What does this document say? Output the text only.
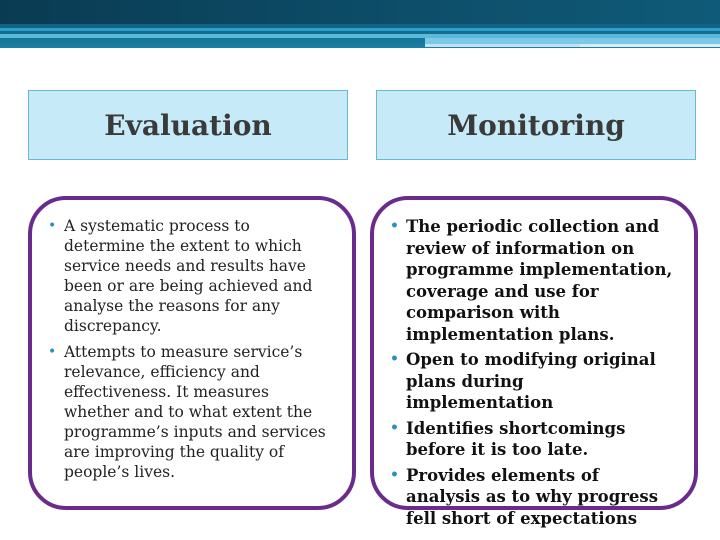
Evaluation	Monitoring
• A systematic process to determine the extent to which service needs and results have been or are being achieved and analyse the reasons for any discrepancy.
• Attempts to measure service’s relevance, efficiency and effectiveness. It measures whether and to what extent the programme’s inputs and services are improving the quality of people’s lives.
• The periodic collection and review of information on programme implementation, coverage and use for comparison with implementation plans.
• Open to modifying original plans during implementation
• Identifies shortcomings before it is too late.
• Provides elements of analysis as to why progress fell short of expectations
